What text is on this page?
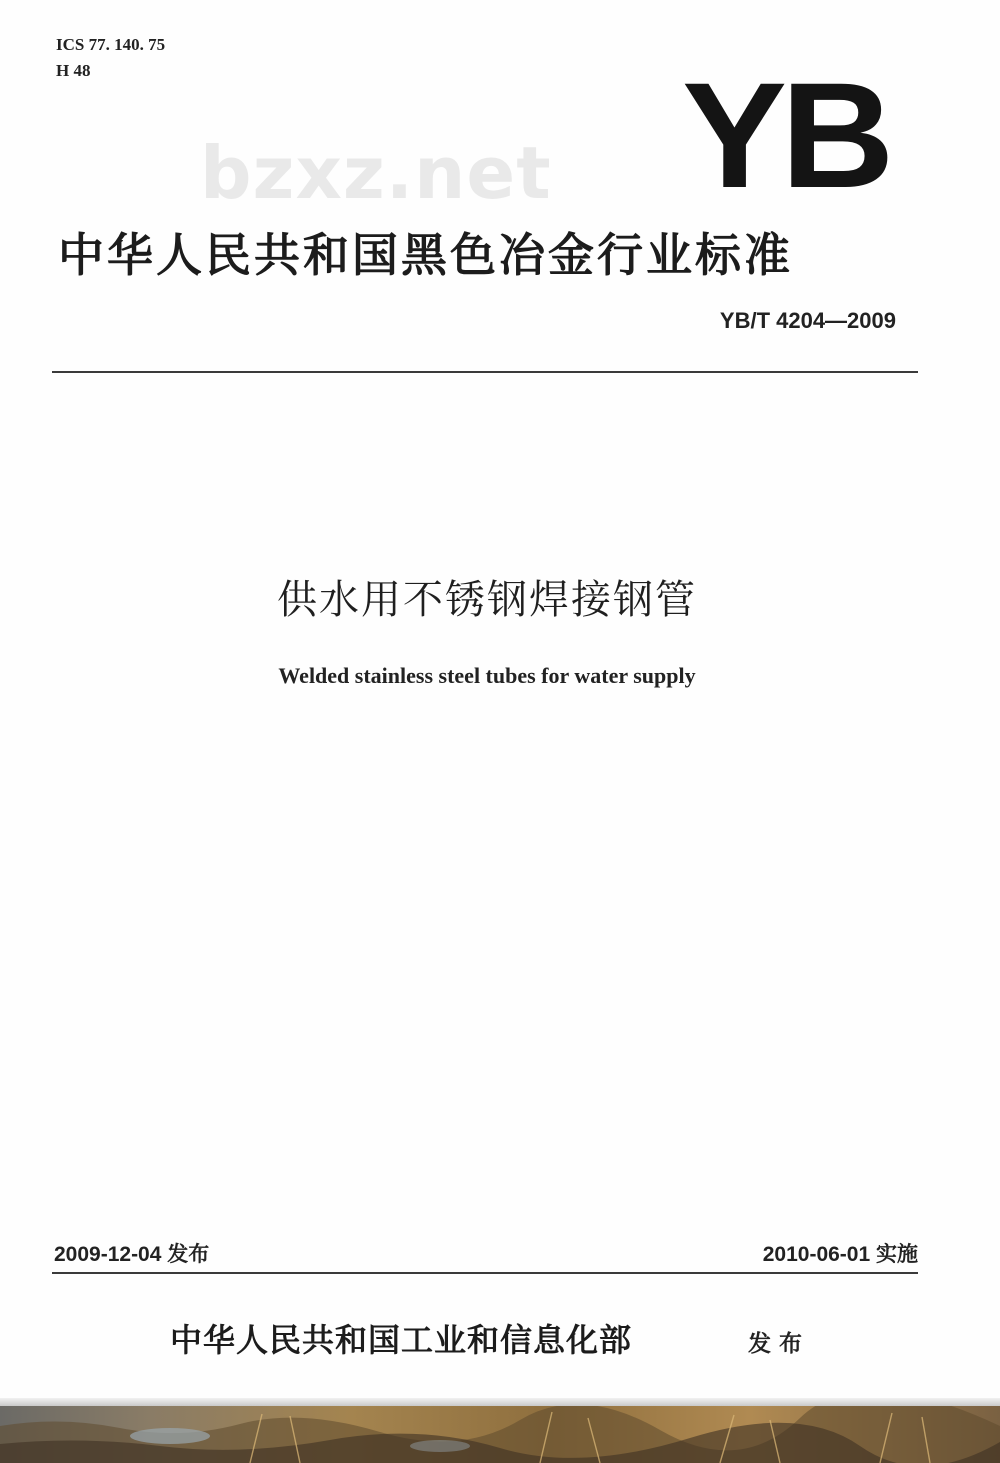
ICS 77. 140. 75
H 48
bzxz.net YB
中华人民共和国黑色冶金行业标准
YB/T 4204—2009
供水用不锈钢焊接钢管
Welded stainless steel tubes for water supply
2009-12-04 发布	2010-06-01 实施
中华人民共和国工业和信息化部	发布
